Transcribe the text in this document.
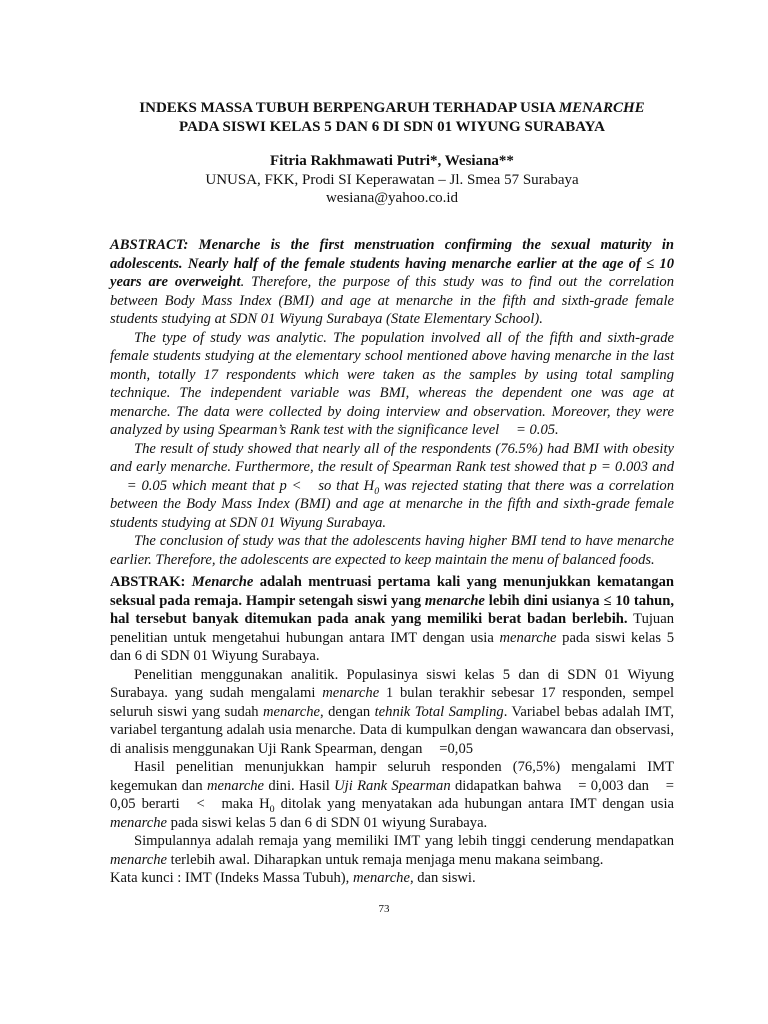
INDEKS MASSA TUBUH BERPENGARUH TERHADAP USIA MENARCHE
PADA SISWI KELAS 5 DAN 6 DI SDN 01 WIYUNG SURABAYA
Fitria Rakhmawati Putri*, Wesiana**
UNUSA, FKK, Prodi SI Keperawatan – Jl. Smea 57 Surabaya
wesiana@yahoo.co.id

ABSTRACT: Menarche is the first menstruation confirming the sexual maturity in adolescents. Nearly half of the female students having menarche earlier at the age of ≤ 10 years are overweight. Therefore, the purpose of this study was to find out the correlation between Body Mass Index (BMI) and age at menarche in the fifth and sixth-grade female students studying at SDN 01 Wiyung Surabaya (State Elementary School).

The type of study was analytic. The population involved all of the fifth and sixth-grade female students studying at the elementary school mentioned above having menarche in the last month, totally 17 respondents which were taken as the samples by using total sampling technique. The independent variable was BMI, whereas the dependent one was age at menarche. The data were collected by doing interview and observation. Moreover, they were analyzed by using Spearman’s Rank test with the significance level = 0.05.

The result of study showed that nearly all of the respondents (76.5%) had BMI with obesity and early menarche. Furthermore, the result of Spearman Rank test showed that p = 0.003 and= 0.05 which meant that p < so that $H_0$ was rejected stating that there was a correlation between the Body Mass Index (BMI) and age at menarche in the fifth and sixth-grade female students studying at SDN 01 Wiyung Surabaya.

The conclusion of study was that the adolescents having higher BMI tend to have menarche earlier. Therefore, the adolescents are expected to keep maintain the menu of balanced foods.

ABSTRAK: Menarche adalah mentruasi pertama kali yang menunjukkan kematangan seksual pada remaja. Hampir setengah siswi yang menarche lebih dini usianya ≤ 10 tahun, hal tersebut banyak ditemukan pada anak yang memiliki berat badan berlebih. Tujuan penelitian untuk mengetahui hubungan antara IMT dengan usia menarche pada siswi kelas 5 dan 6 di SDN 01 Wiyung Surabaya.

Penelitian menggunakan analitik. Populasinya siswi kelas 5 dan di SDN 01 Wiyung Surabaya. yang sudah mengalami menarche 1 bulan terakhir sebesar 17 responden, sempel seluruh siswi yang sudah menarche, dengan tehnik Total Sampling. Variabel bebas adalah IMT, variabel tergantung adalah usia menarche. Data di kumpulkan dengan wawancara dan observasi, di analisis menggunakan Uji Rank Spearman, dengan =0,05

Hasil penelitian menunjukkan hampir seluruh responden (76,5%) mengalami IMT kegemukan dan menarche dini. Hasil Uji Rank Spearman didapatkan bahwa = 0,003 dan = 0,05 berarti < maka $H_0$ ditolak yang menyatakan ada hubungan antara IMT dengan usia menarche pada siswi kelas 5 dan 6 di SDN 01 wiyung Surabaya.

Simpulannya adalah remaja yang memiliki IMT yang lebih tinggi cenderung mendapatkan menarche terlebih awal. Diharapkan untuk remaja menjaga menu makana seimbang.

Kata kunci : IMT (Indeks Massa Tubuh), menarche, dan siswi.

73
